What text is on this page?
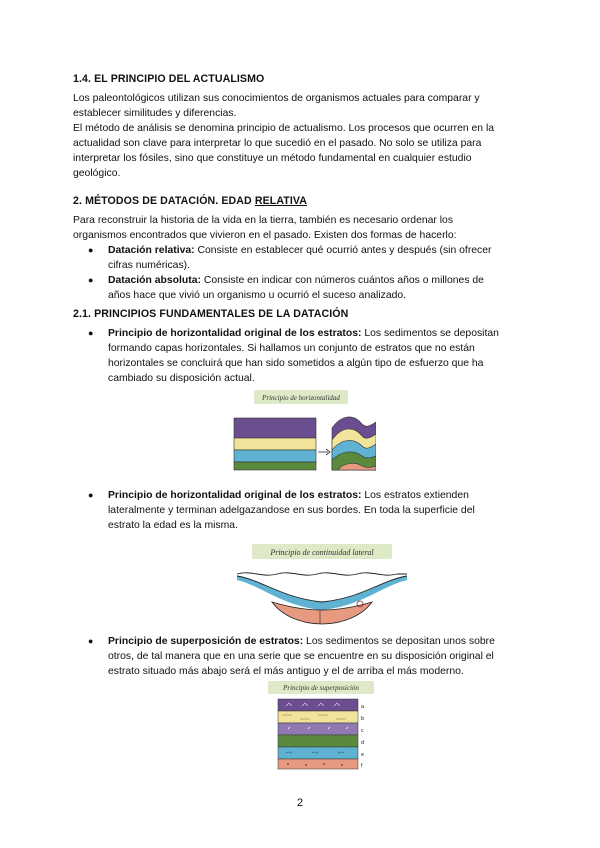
1.4. EL PRINCIPIO DEL ACTUALISMO
Los paleontológicos utilizan sus conocimientos de organismos actuales para comparar y
establecer similitudes y diferencias.
El método de análisis se denomina principio de actualismo. Los procesos que ocurren en la
actualidad son clave para interpretar lo que sucedió en el pasado. No solo se utiliza para
interpretar los fósiles, sino que constituye un método fundamental en cualquier estudio
geológico.
2. MÉTODOS DE DATACIÓN. EDAD RELATIVA
Para reconstruir la historia de la vida en la tierra, también es necesario ordenar los
organismos encontrados que vivieron en el pasado. Existen dos formas de hacerlo:
● Datación relativa: Consiste en establecer qué ocurrió antes y después (sin ofrecer
cifras numéricas).
● Datación absoluta: Consiste en indicar con números cuántos años o millones de
años hace que vivió un organismo u ocurrió el suceso analizado.
2.1. PRINCIPIOS FUNDAMENTALES DE LA DATACIÓN
● Principio de horizontalidad original de los estratos: Los sedimentos se depositan
formando capas horizontales. Si hallamos un conjunto de estratos que no están
horizontales se concluirá que han sido sometidos a algún tipo de esfuerzo que ha
cambiado su disposición actual.
Principio de horizontalidad
● Principio de horizontalidad original de los estratos: Los estratos extienden
lateralmente y terminan adelgazandose en sus bordes. En toda la superficie del
estrato la edad es la misma.
Principio de continuidad lateral
● Principio de superposición de estratos: Los sedimentos se depositan unos sobre
otros, de tal manera que en una serie que se encuentre en su disposición original el
estrato situado más abajo será el más antiguo y el de arriba el más moderno.
Principio de superposición
a
b
c
d
e
f
2
